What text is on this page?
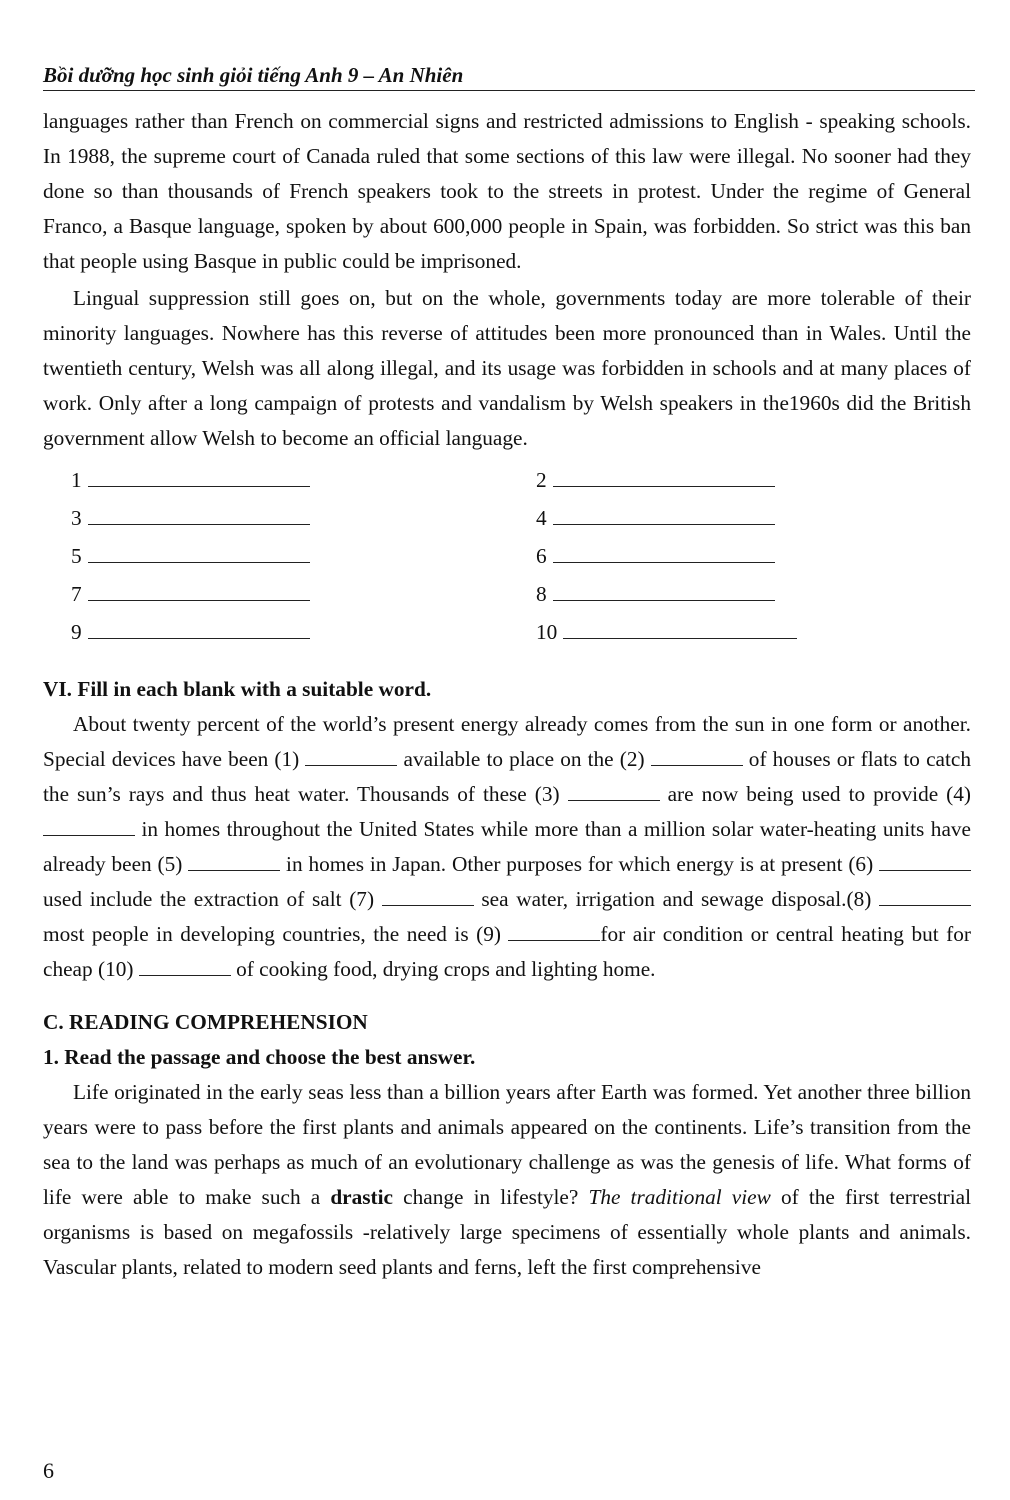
Bồi dưỡng học sinh giỏi tiếng Anh 9 – An Nhiên

languages rather than French on commercial signs and restricted admissions to English - speaking schools. In 1988, the supreme court of Canada ruled that some sections of this law were illegal. No sooner had they done so than thousands of French speakers took to the streets in protest. Under the regime of General Franco, a Basque language, spoken by about 600,000 people in Spain, was forbidden. So strict was this ban that people using Basque in public could be imprisoned.

Lingual suppression still goes on, but on the whole, governments today are more tolerable of their minority languages. Nowhere has this reverse of attitudes been more pronounced than in Wales. Until the twentieth century, Welsh was all along illegal, and its usage was forbidden in schools and at many places of work. Only after a long campaign of protests and vandalism by Welsh speakers in the1960s did the British government allow Welsh to become an official language.

1	2
3	4
5	6
7	8
9	10

VI. Fill in each blank with a suitable word.

About twenty percent of the world’s present energy already comes from the sun in one form or another. Special devices have been (1)	available to place on the (2)	of houses or flats to catch the sun’s rays and thus heat water. Thousands of these (3)	are now being used to provide (4) in homes throughout the United States while more than a million solar water-heating units have already been (5)	in homes in Japan. Other purposes for which energy is at present (6)  used include the extraction of salt (7)	sea water, irrigation and sewage disposal.(8)  most people in developing countries, the need is (9)	for air condition or central heating but for cheap (10)	of cooking food, drying crops and lighting home.

C. READING COMPREHENSION

1. Read the passage and choose the best answer.

Life originated in the early seas less than a billion years after Earth was formed. Yet another three billion years were to pass before the first plants and animals appeared on the continents. Life’s transition from the sea to the land was perhaps as much of an evolutionary challenge as was the genesis of life. What forms of life were able to make such a drastic change in lifestyle? The traditional view of the first terrestrial organisms is based on megafossils -relatively large specimens of essentially whole plants and animals. Vascular plants, related to modern seed plants and ferns, left the first comprehensive

6
